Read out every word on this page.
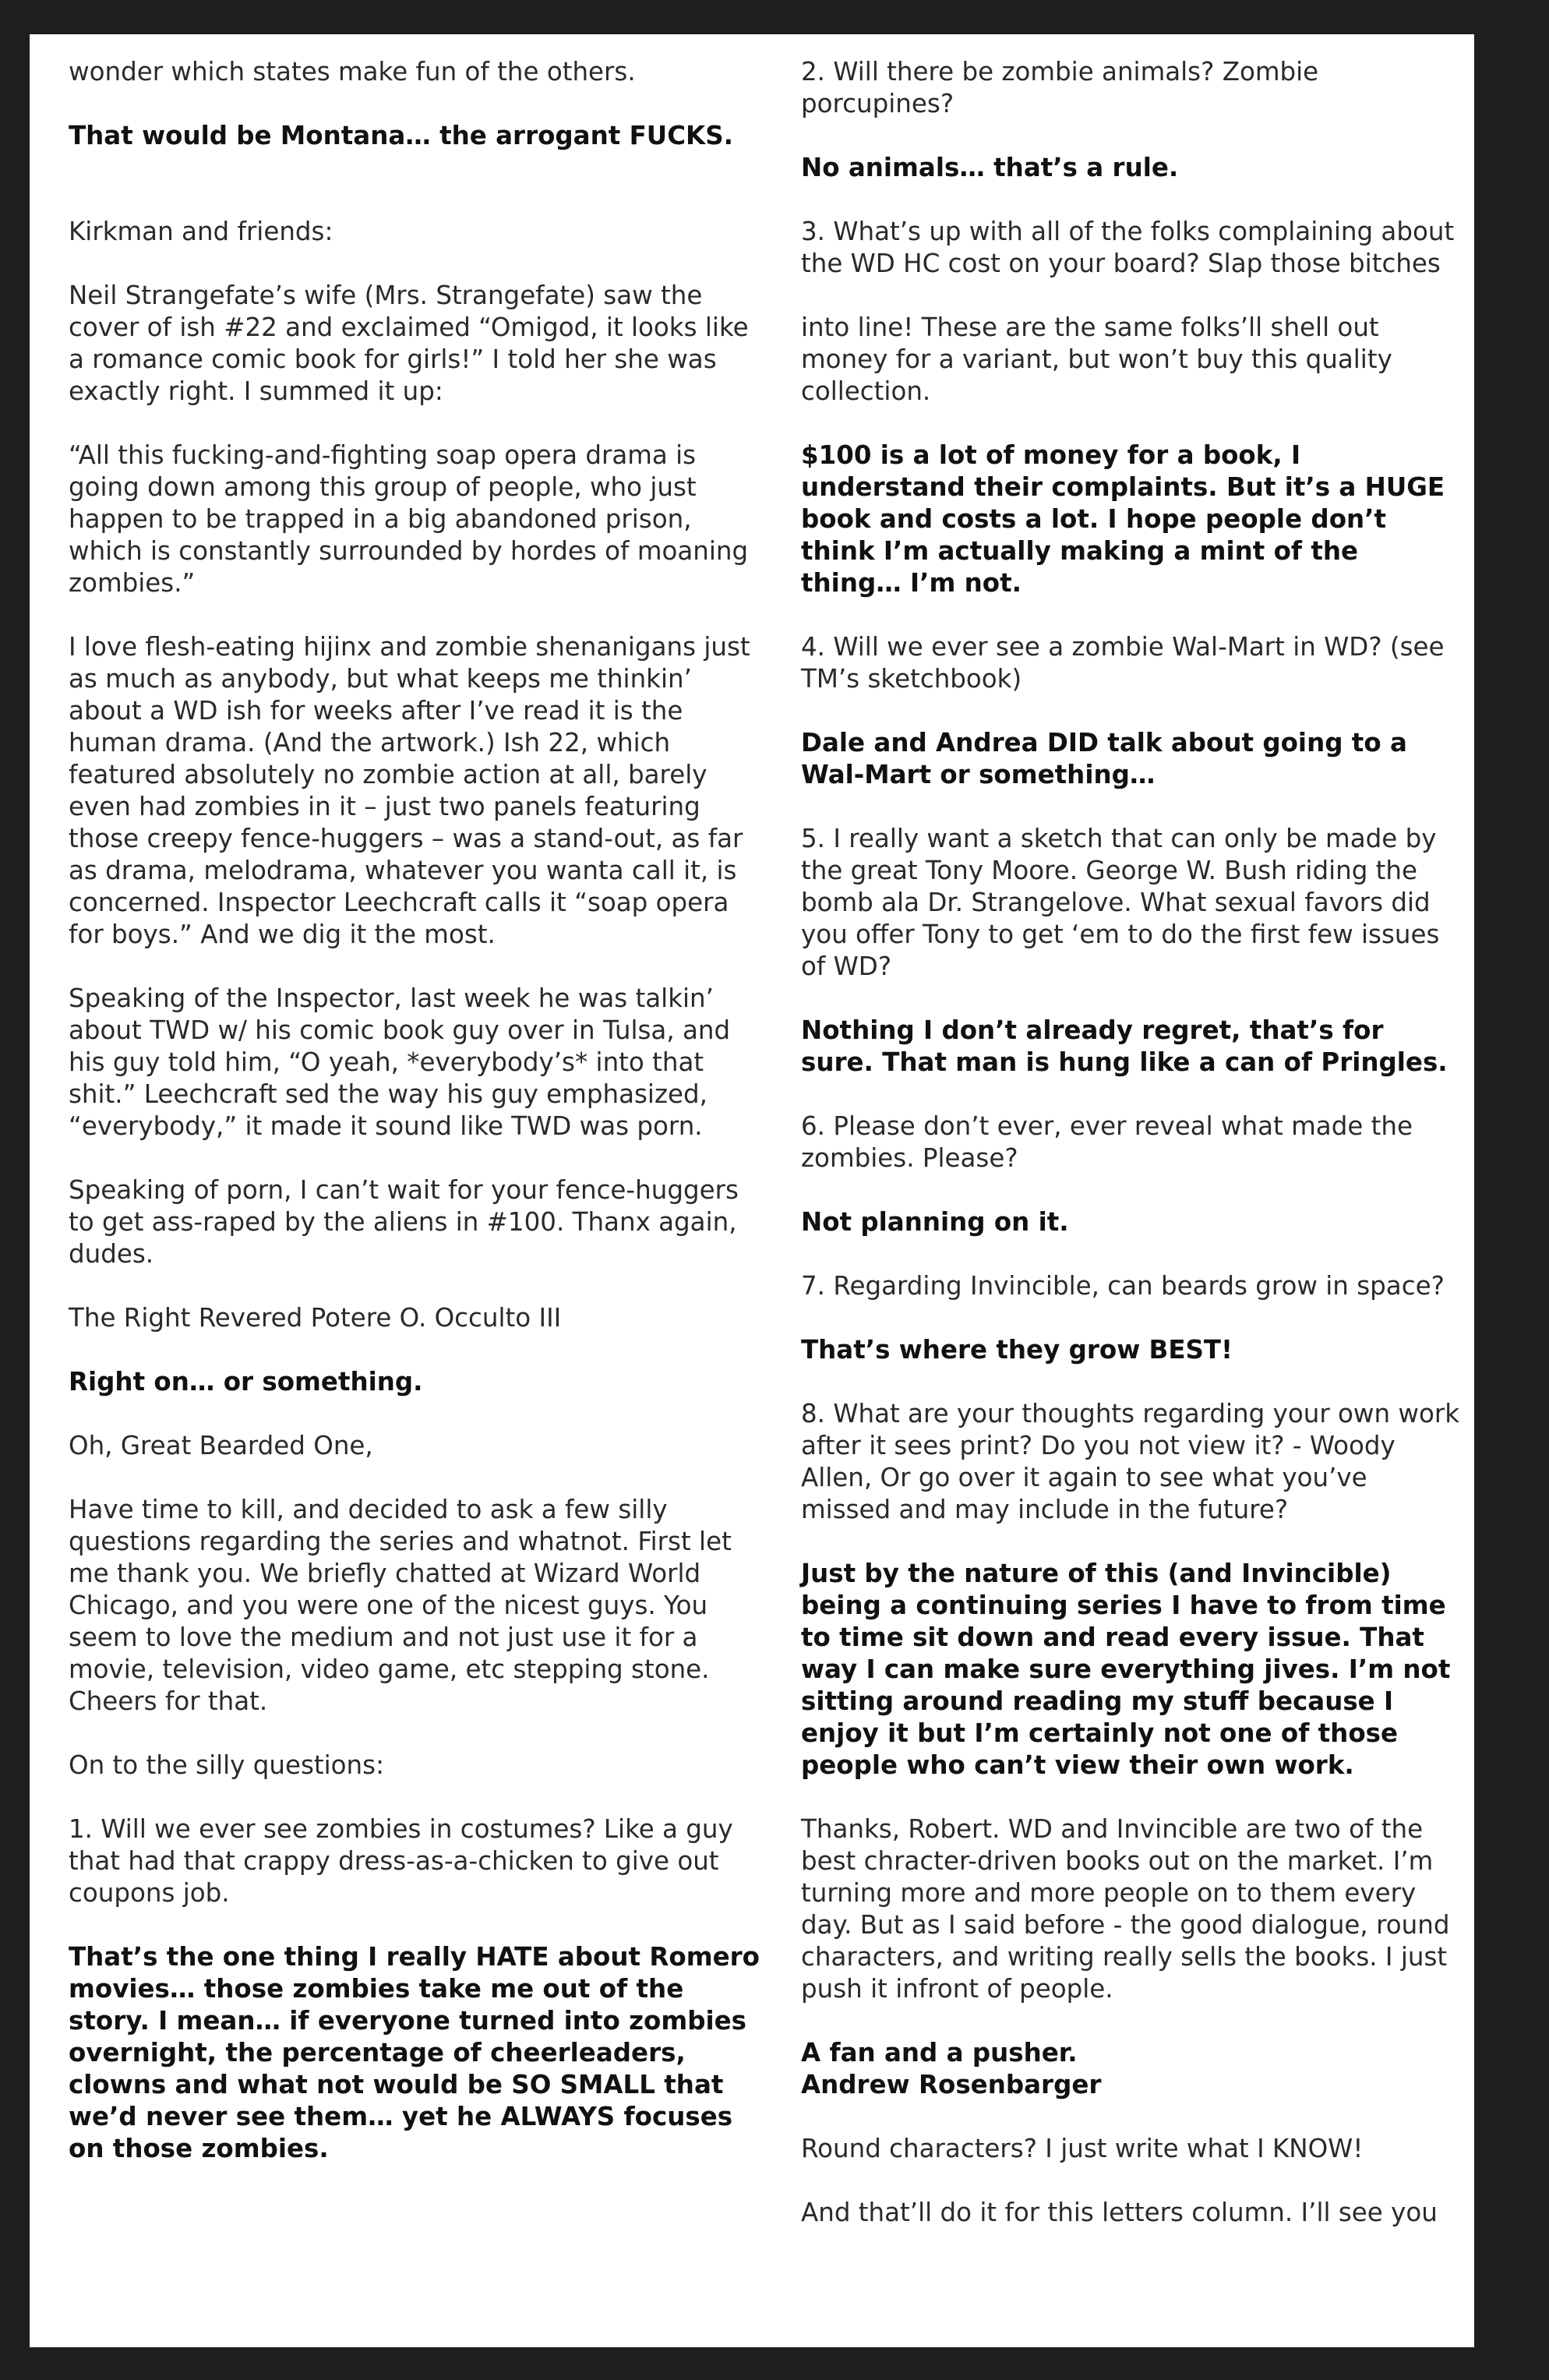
wonder which states make fun of the others.

That would be Montana… the arrogant FUCKS.

Kirkman and friends:

Neil Strangefate’s wife (Mrs. Strangefate) saw the cover of ish #22 and exclaimed “Omigod, it looks like a romance comic book for girls!” I told her she was exactly right. I summed it up:

“All this fucking-and-fighting soap opera drama is going down among this group of people, who just happen to be trapped in a big abandoned prison, which is constantly surrounded by hordes of moaning zombies.”

I love flesh-eating hijinx and zombie shenanigans just as much as anybody, but what keeps me thinkin’ about a WD ish for weeks after I’ve read it is the human drama. (And the artwork.) Ish 22, which featured absolutely no zombie action at all, barely even had zombies in it – just two panels featuring those creepy fence-huggers – was a stand-out, as far as drama, melodrama, whatever you wanta call it, is concerned. Inspector Leechcraft calls it “soap opera for boys.” And we dig it the most.

Speaking of the Inspector, last week he was talkin’ about TWD w/ his comic book guy over in Tulsa, and his guy told him, “O yeah, *everybody’s* into that shit.” Leechcraft sed the way his guy emphasized, “everybody,” it made it sound like TWD was porn.

Speaking of porn, I can’t wait for your fence-huggers to get ass-raped by the aliens in #100. Thanx again, dudes.

The Right Revered Potere O. Occulto III

Right on… or something.

Oh, Great Bearded One,

Have time to kill, and decided to ask a few silly questions regarding the series and whatnot. First let me thank you. We briefly chatted at Wizard World Chicago, and you were one of the nicest guys. You seem to love the medium and not just use it for a movie, television, video game, etc stepping stone. Cheers for that.

On to the silly questions:

1. Will we ever see zombies in costumes? Like a guy that had that crappy dress-as-a-chicken to give out coupons job.

That’s the one thing I really HATE about Romero movies… those zombies take me out of the story. I mean… if everyone turned into zombies overnight, the percentage of cheerleaders, clowns and what not would be SO SMALL that we’d never see them… yet he ALWAYS focuses on those zombies.

2. Will there be zombie animals? Zombie porcupines?

No animals… that’s a rule.

3. What’s up with all of the folks complaining about the WD HC cost on your board? Slap those bitches

into line! These are the same folks’ll shell out money for a variant, but won’t buy this quality collection.

$100 is a lot of money for a book, I understand their complaints. But it’s a HUGE book and costs a lot. I hope people don’t think I’m actually making a mint of the thing… I’m not.

4. Will we ever see a zombie Wal-Mart in WD? (see TM’s sketchbook)

Dale and Andrea DID talk about going to a Wal-Mart or something…

5. I really want a sketch that can only be made by the great Tony Moore. George W. Bush riding the bomb ala Dr. Strangelove. What sexual favors did you offer Tony to get ‘em to do the first few issues of WD?

Nothing I don’t already regret, that’s for sure. That man is hung like a can of Pringles.

6. Please don’t ever, ever reveal what made the zombies. Please?

Not planning on it.

7. Regarding Invincible, can beards grow in space?

That’s where they grow BEST!

8. What are your thoughts regarding your own work after it sees print? Do you not view it? - Woody Allen, Or go over it again to see what you’ve missed and may include in the future?

Just by the nature of this (and Invincible) being a continuing series I have to from time to time sit down and read every issue. That way I can make sure everything jives. I’m not sitting around reading my stuff because I enjoy it but I’m certainly not one of those people who can’t view their own work.

Thanks, Robert. WD and Invincible are two of the best chracter-driven books out on the market. I’m turning more and more people on to them every day. But as I said before - the good dialogue, round characters, and writing really sells the books. I just push it infront of people.

A fan and a pusher.

Andrew Rosenbarger

Round characters? I just write what I KNOW!

And that’ll do it for this letters column. I’ll see you
